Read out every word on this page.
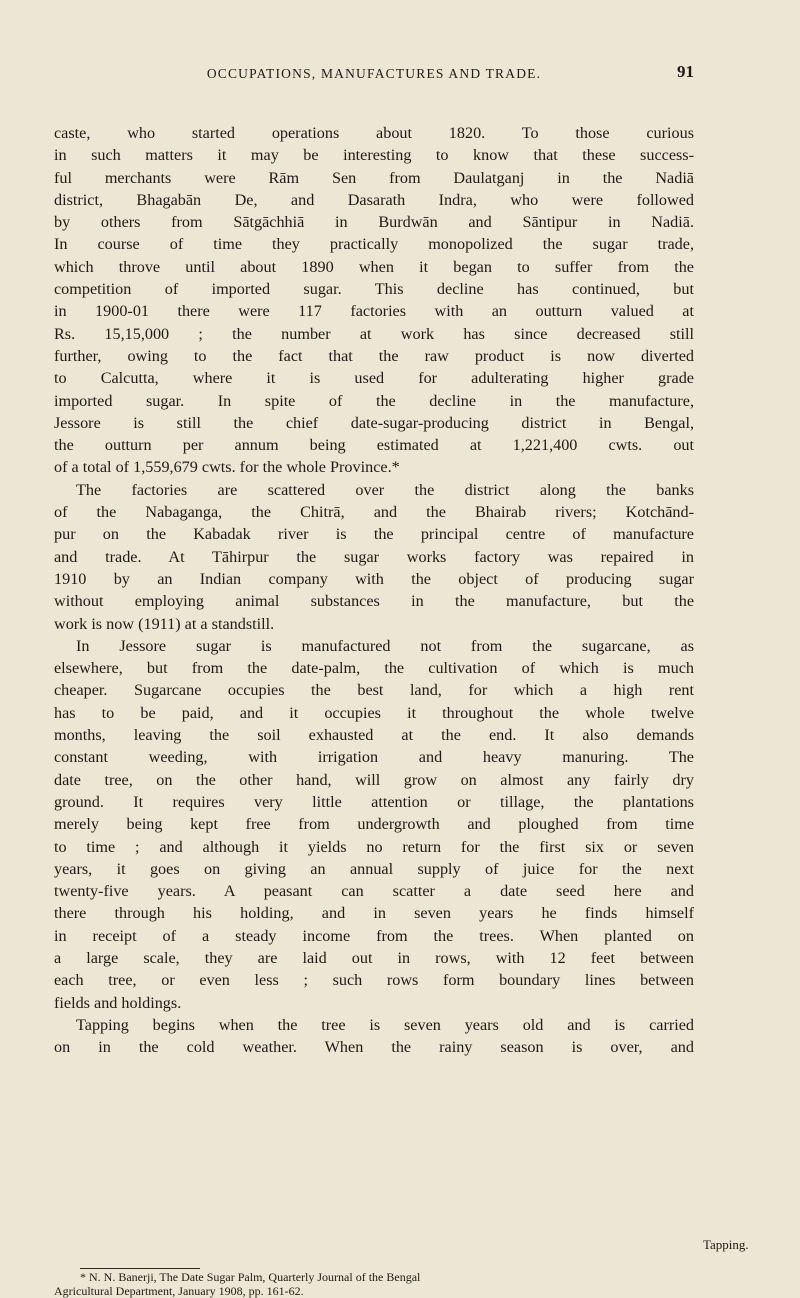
OCCUPATIONS, MANUFACTURES AND TRADE.	91
caste, who started operations about 1820. To those curious
in such matters it may be interesting to know that these success-
ful merchants were Rām Sen from Daulatganj in the Nadiā
district, Bhagabān De, and Dasarath Indra, who were followed
by others from Sātgāchhiā in Burdwān and Sāntipur in Nadiā.
In course of time they practically monopolized the sugar trade,
which throve until about 1890 when it began to suffer from the
competition of imported sugar. This decline has continued, but
in 1900-01 there were 117 factories with an outturn valued at
Rs. 15,15,000 ; the number at work has since decreased still
further, owing to the fact that the raw product is now diverted
to Calcutta, where it is used for adulterating higher grade
imported sugar. In spite of the decline in the manufacture,
Jessore is still the chief date-sugar-producing district in Bengal,
the outturn per annum being estimated at 1,221,400 cwts. out
of a total of 1,559,679 cwts. for the whole Province.*
The factories are scattered over the district along the banks
of the Nabaganga, the Chitrā, and the Bhairab rivers; Kotchānd-
pur on the Kabadak river is the principal centre of manufacture
and trade. At Tāhirpur the sugar works factory was repaired in
1910 by an Indian company with the object of producing sugar
without employing animal substances in the manufacture, but the
work is now (1911) at a standstill.
In Jessore sugar is manufactured not from the sugarcane, as
elsewhere, but from the date-palm, the cultivation of which is much
cheaper. Sugarcane occupies the best land, for which a high rent
has to be paid, and it occupies it throughout the whole twelve
months, leaving the soil exhausted at the end. It also demands
constant weeding, with irrigation and heavy manuring. The
date tree, on the other hand, will grow on almost any fairly dry
ground. It requires very little attention or tillage, the plantations
merely being kept free from undergrowth and ploughed from time
to time ; and although it yields no return for the first six or seven
years, it goes on giving an annual supply of juice for the next
twenty-five years. A peasant can scatter a date seed here and
there through his holding, and in seven years he finds himself
in receipt of a steady income from the trees. When planted on
a large scale, they are laid out in rows, with 12 feet between
each tree, or even less ; such rows form boundary lines between
fields and holdings.
Tapping begins when the tree is seven years old and is carried
on in the cold weather. When the rainy season is over, and
Tapping.
* N. N. Banerji, The Date Sugar Palm, Quarterly Journal of the Bengal
Agricultural Department, January 1908, pp. 161-62.
